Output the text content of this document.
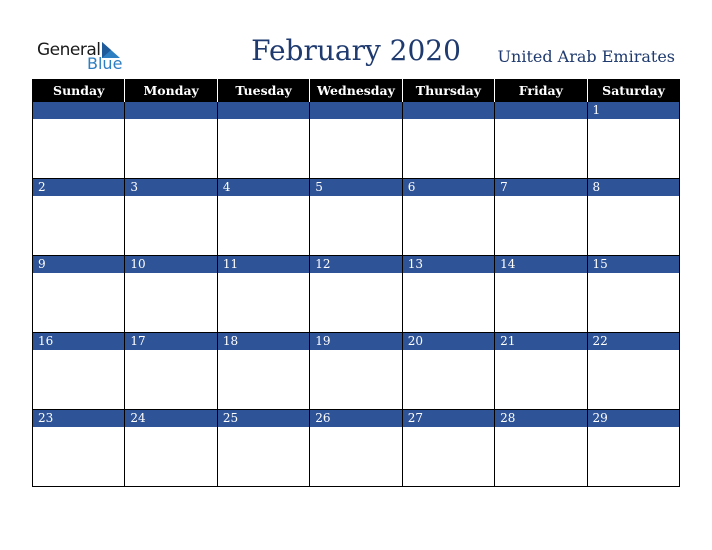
General
Blue	February 2020	United Arab Emirates
Sunday	Monday	Tuesday	Wednesday	Thursday	Friday	Saturday

						1

2	3	4	5	6	7	8

9	10	11	12	13	14	15

16	17	18	19	20	21	22

23	24	25	26	27	28	29
